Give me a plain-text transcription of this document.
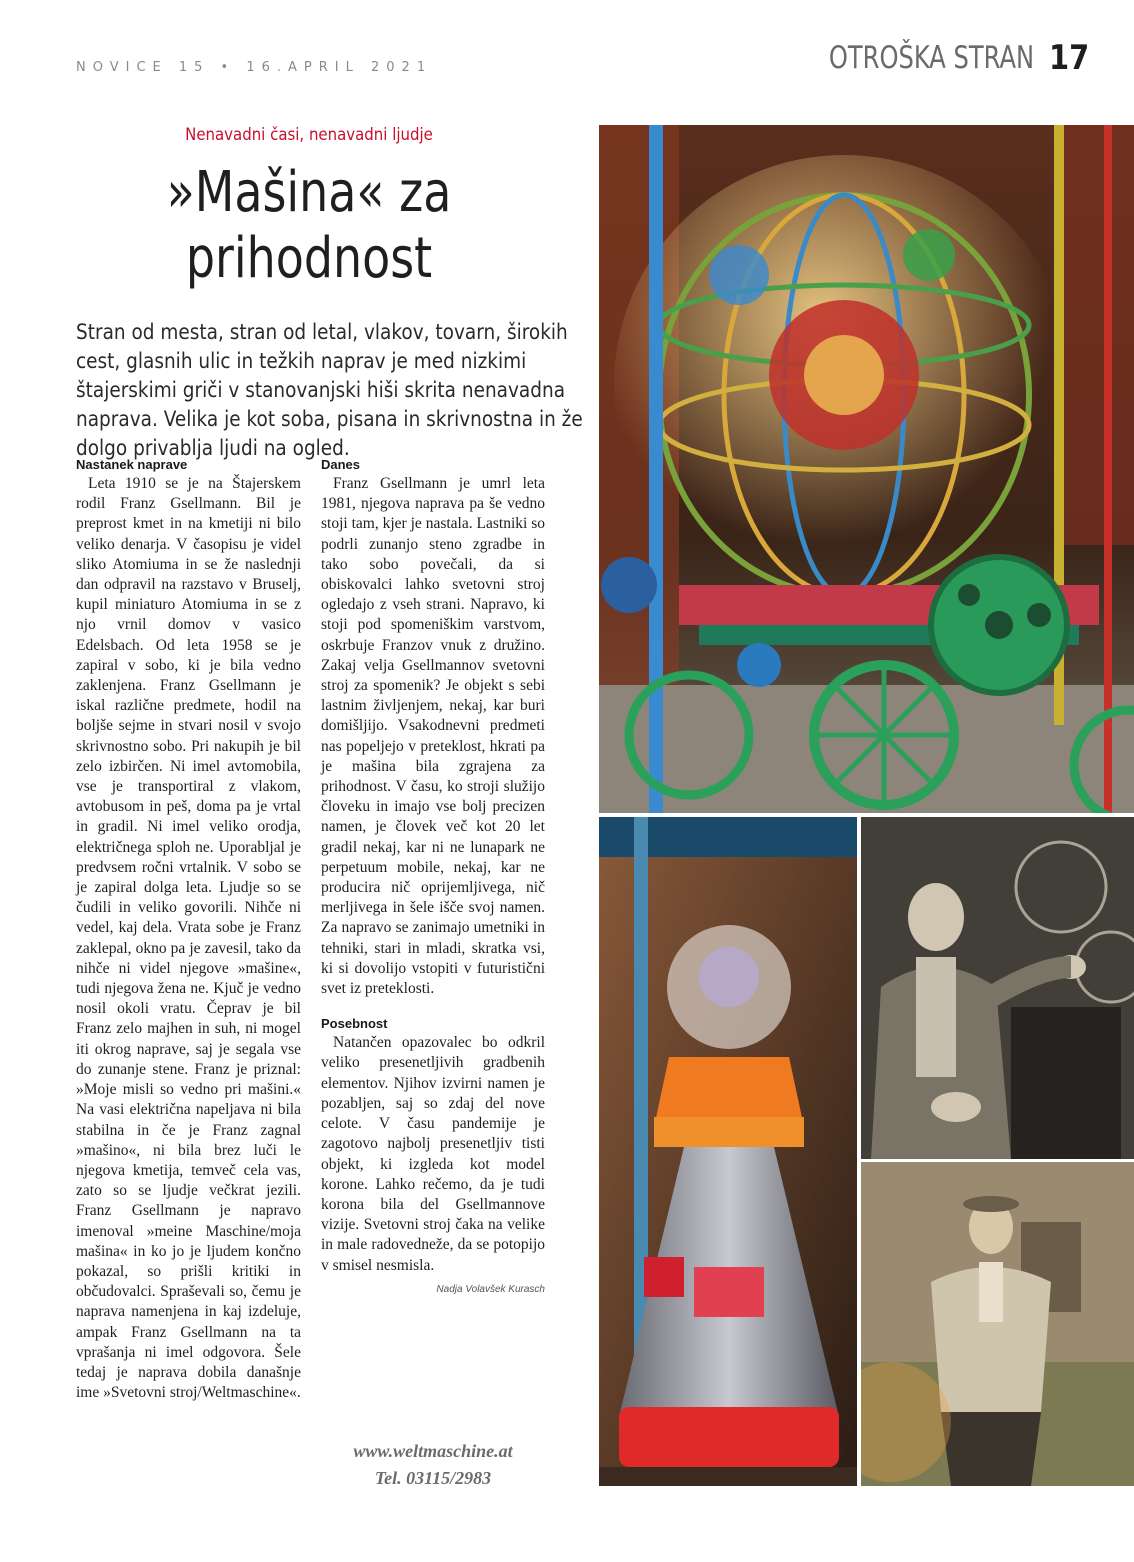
NOVICE 15 • 16.APRIL 2021	OTROŠKA STRAN 17
Nenavadni časi, nenavadni ljudje
»Mašina« za
prihodnost

Stran od mesta, stran od letal, vlakov, tovarn, širokih cest, glasnih ulic in težkih naprav je med nizkimi štajerskimi griči v stanovanjski hiši skrita nenavadna naprava. Velika je kot soba, pisana in skrivnostna in že dolgo privablja ljudi na ogled.

Nastanek naprave

Leta 1910 se je na Štajerskem rodil Franz Gsellmann. Bil je preprost kmet in na kmetiji ni bilo veliko denarja. V časopisu je videl sliko Atomiuma in se že naslednji dan odpravil na razstavo v Bruselj, kupil miniaturo Atomiuma in se z njo vrnil domov v vasico Edelsbach. Od leta 1958 se je zapiral v sobo, ki je bila vedno zaklenjena. Franz Gsellmann je iskal različne predmete, hodil na boljše sejme in stvari nosil v svojo skrivnostno sobo. Pri nakupih je bil zelo izbirčen. Ni imel avtomobila, vse je transportiral z vlakom, avtobusom in peš, doma pa je vrtal in gradil. Ni imel veliko orodja, električnega sploh ne. Uporabljal je predvsem ročni vrtalnik. V sobo se je zapiral dolga leta. Ljudje so se čudili in veliko govorili. Nihče ni vedel, kaj dela. Vrata sobe je Franz zaklepal, okno pa je zavesil, tako da nihče ni videl njegove »mašine«, tudi njegova žena ne. Kjuč je vedno nosil okoli vratu. Čeprav je bil Franz zelo majhen in suh, ni mogel iti okrog naprave, saj je segala vse do zunanje stene. Franz je priznal: »Moje misli so vedno pri mašini.« Na vasi električna napeljava ni bila stabilna in če je Franz zagnal »mašino«, ni bila brez luči le njegova kmetija, temveč cela vas, zato so se ljudje večkrat jezili. Franz Gsellmann je napravo imenoval »meine Maschine/moja mašina« in ko jo je ljudem končno pokazal, so prišli kritiki in občudovalci. Spraševali so, čemu je naprava namenjena in kaj izdeluje, ampak Franz Gsellmann na ta vprašanja ni imel odgovora. Šele tedaj je naprava dobila današnje ime »Svetovni stroj/Weltmaschine«.

Danes

Franz Gsellmann je umrl leta 1981, njegova naprava pa še vedno stoji tam, kjer je nastala. Lastniki so podrli zunanjo steno zgradbe in tako sobo povečali, da si obiskovalci lahko svetovni stroj ogledajo z vseh strani. Napravo, ki stoji pod spomeniškim varstvom, oskrbuje Franzov vnuk z družino. Zakaj velja Gsellmannov svetovni stroj za spomenik? Je objekt s sebi lastnim življenjem, nekaj, kar buri domišljijo. Vsakodnevni predmeti nas popeljejo v preteklost, hkrati pa je mašina bila zgrajena za prihodnost. V času, ko stroji služijo človeku in imajo vse bolj precizen namen, je človek več kot 20 let gradil nekaj, kar ni ne lunapark ne perpetuum mobile, nekaj, kar ne producira nič oprijemljivega, nič merljivega in šele išče svoj namen. Za napravo se zanimajo umetniki in tehniki, stari in mladi, skratka vsi, ki si dovolijo vstopiti v futuristični svet iz preteklosti.

Posebnost

Natančen opazovalec bo odkril veliko presenetljivih gradbenih elementov. Njihov izvirni namen je pozabljen, saj so zdaj del nove celote. V času pandemije je zagotovo najbolj presenetljiv tisti objekt, ki izgleda kot model korone. Lahko rečemo, da je tudi korona bila del Gsellmannove vizije. Svetovni stroj čaka na velike in male radovedneže, da se potopijo v smisel nesmisla.

Nadja Volavšek Kurasch
www.weltmaschine.at
Tel. 03115/2983
